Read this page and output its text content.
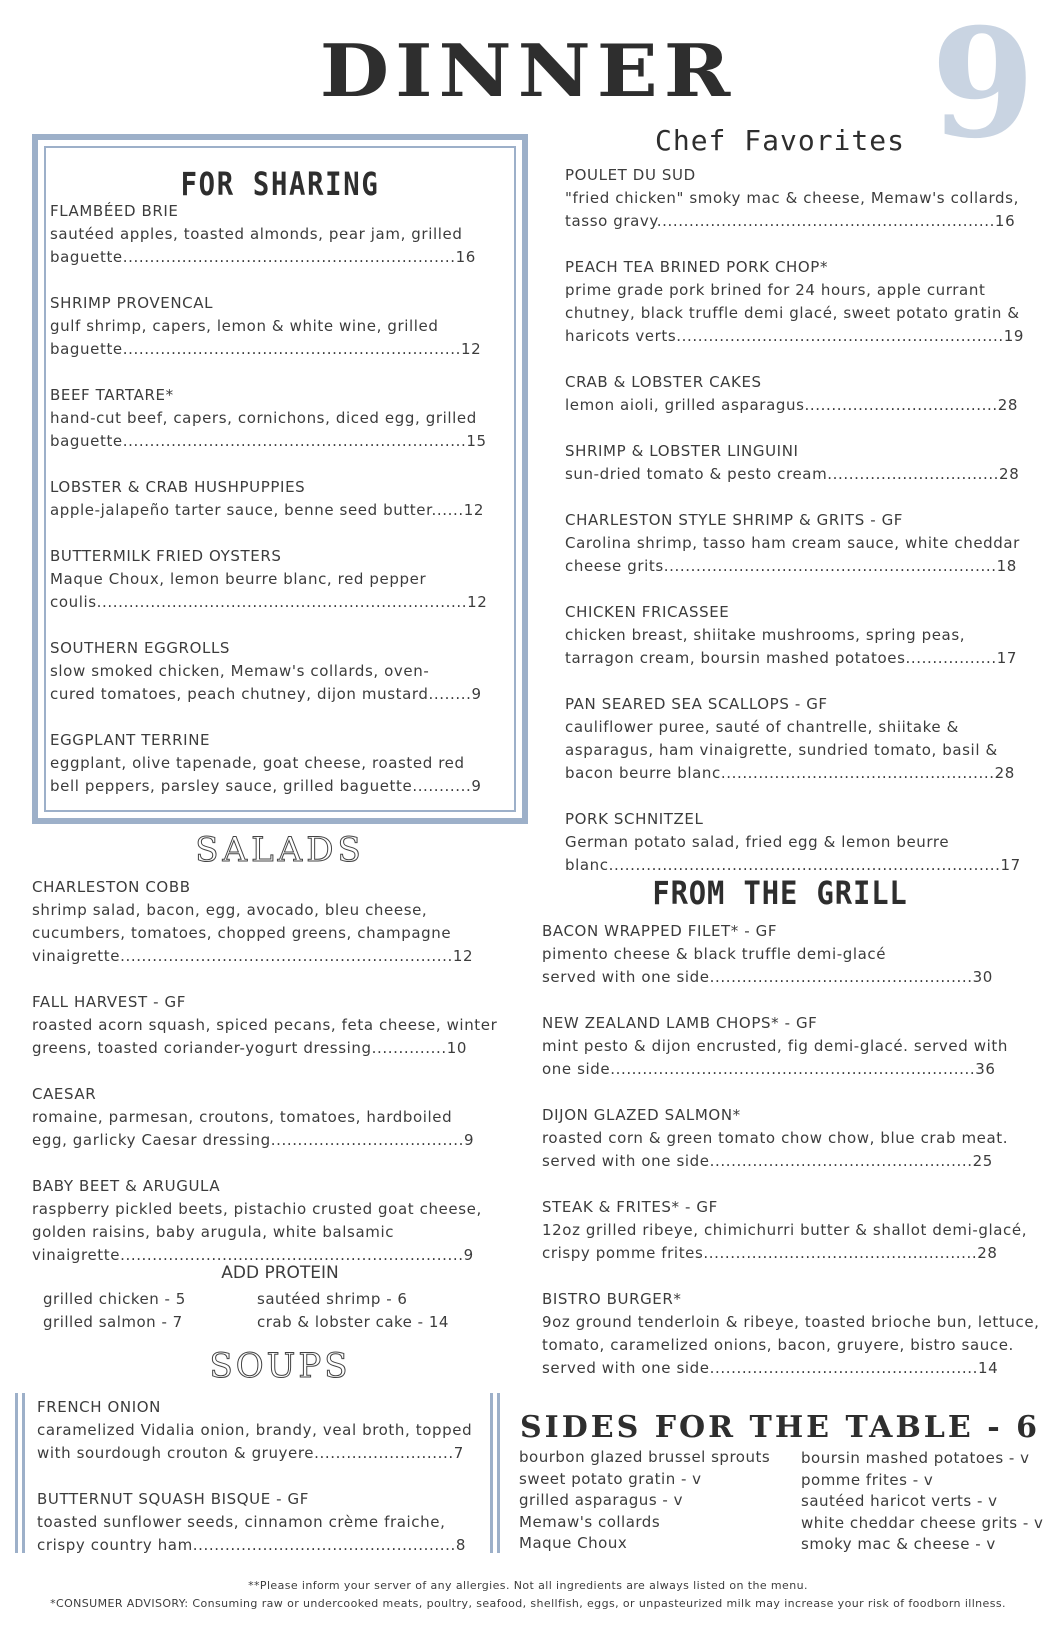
DINNER	9
FOR SHARING
FLAMBÉED BRIE
sautéed apples, toasted almonds, pear jam, grilled
baguette..............................................................16
SHRIMP PROVENCAL
gulf shrimp, capers, lemon & white wine, grilled
baguette...............................................................12
BEEF TARTARE*
hand-cut beef, capers, cornichons, diced egg, grilled
baguette................................................................15
LOBSTER & CRAB HUSHPUPPIES
apple-jalapeño tarter sauce, benne seed butter......12
BUTTERMILK FRIED OYSTERS
Maque Choux, lemon beurre blanc, red pepper
coulis.....................................................................12
SOUTHERN EGGROLLS
slow smoked chicken, Memaw's collards, oven-
cured tomatoes, peach chutney, dijon mustard........9
EGGPLANT TERRINE
eggplant, olive tapenade, goat cheese, roasted red
bell peppers, parsley sauce, grilled baguette...........9
Chef Favorites
POULET DU SUD
"fried chicken" smoky mac & cheese, Memaw's collards,
tasso gravy...............................................................16
PEACH TEA BRINED PORK CHOP*
prime grade pork brined for 24 hours, apple currant
chutney, black truffle demi glacé, sweet potato gratin &
haricots verts.............................................................19
CRAB & LOBSTER CAKES
lemon aioli, grilled asparagus....................................28
SHRIMP & LOBSTER LINGUINI
sun-dried tomato & pesto cream................................28
CHARLESTON STYLE SHRIMP & GRITS - GF
Carolina shrimp, tasso ham cream sauce, white cheddar
cheese grits..............................................................18
CHICKEN FRICASSEE
chicken breast, shiitake mushrooms, spring peas,
tarragon cream, boursin mashed potatoes.................17
PAN SEARED SEA SCALLOPS - GF
cauliflower puree, sauté of chantrelle, shiitake &
asparagus, ham vinaigrette, sundried tomato, basil &
bacon beurre blanc...................................................28
PORK SCHNITZEL
German potato salad, fried egg & lemon beurre
blanc.........................................................................17
SALADS
CHARLESTON COBB
shrimp salad, bacon, egg, avocado, bleu cheese,
cucumbers, tomatoes, chopped greens, champagne
vinaigrette..............................................................12
FALL HARVEST - GF
roasted acorn squash, spiced pecans, feta cheese, winter
greens, toasted coriander-yogurt dressing..............10
CAESAR
romaine, parmesan, croutons, tomatoes, hardboiled
egg, garlicky Caesar dressing....................................9
BABY BEET & ARUGULA
raspberry pickled beets, pistachio crusted goat cheese,
golden raisins, baby arugula, white balsamic
vinaigrette................................................................9
ADD PROTEIN
grilled chicken - 5
grilled salmon - 7
sautéed shrimp - 6
crab & lobster cake - 14
FROM THE GRILL
BACON WRAPPED FILET* - GF
pimento cheese & black truffle demi-glacé
served with one side.................................................30
NEW ZEALAND LAMB CHOPS* - GF
mint pesto & dijon encrusted, fig demi-glacé. served with
one side....................................................................36
DIJON GLAZED SALMON*
roasted corn & green tomato chow chow, blue crab meat.
served with one side.................................................25
STEAK & FRITES* - GF
12oz grilled ribeye, chimichurri butter & shallot demi-glacé,
crispy pomme frites...................................................28
BISTRO BURGER*
9oz ground tenderloin & ribeye, toasted brioche bun, lettuce,
tomato, caramelized onions, bacon, gruyere, bistro sauce.
served with one side..................................................14
SOUPS
FRENCH ONION
caramelized Vidalia onion, brandy, veal broth, topped
with sourdough crouton & gruyere..........................7
BUTTERNUT SQUASH BISQUE - GF
toasted sunflower seeds, cinnamon crème fraiche,
crispy country ham.................................................8
SIDES FOR THE TABLE - 6
bourbon glazed brussel sprouts
sweet potato gratin - v
grilled asparagus - v
Memaw's collards
Maque Choux
boursin mashed potatoes - v
pomme frites - v
sautéed haricot verts - v
white cheddar cheese grits - v
smoky mac & cheese - v
**Please inform your server of any allergies. Not all ingredients are always listed on the menu.
*CONSUMER ADVISORY: Consuming raw or undercooked meats, poultry, seafood, shellfish, eggs, or unpasteurized milk may increase your risk of foodborn illness.
